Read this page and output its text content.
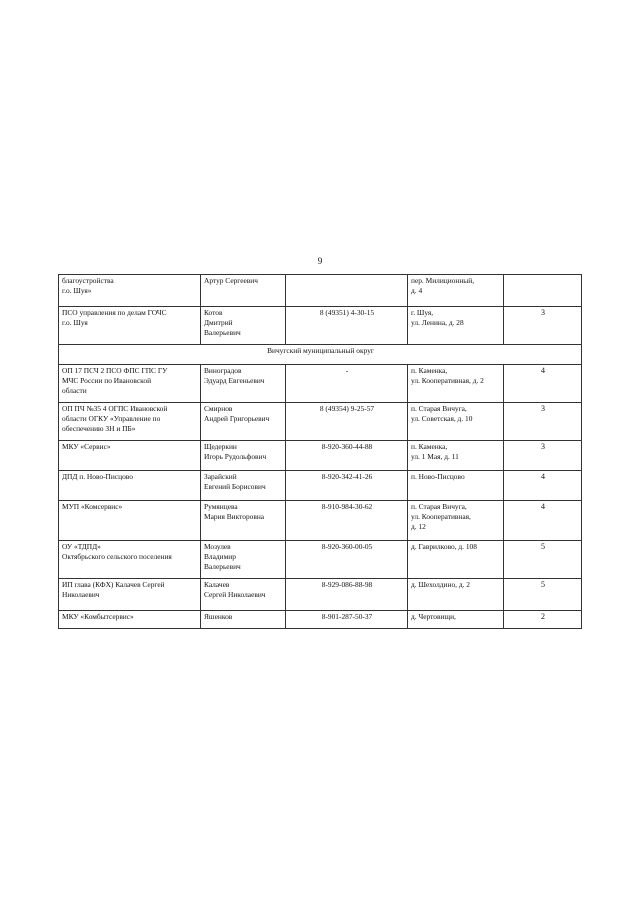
9
благоустройства
г.о. Шуя»	Артур Сергеевич		пер. Милиционный,
д. 4	

ПСО управления по делам ГОЧС
г.о. Шуя	Котов
Дмитрий
Валерьевич	8 (49351) 4-30-15	г. Шуя,
ул. Ленина, д. 28	3
Вичугский муниципальный округ				

ОП 17 ПСЧ 2 ПСО ФПС ГПС ГУ
МЧС России по Ивановской
области	Виноградов
Эдуард Евгеньевич	-	п. Каменка,
ул. Кооперативная, д. 2	4

ОП ПЧ №35 4 ОГПС Ивановской
области ОГКУ «Управление по
обеспечению ЗН и ПБ»	Смирнов
Андрей Григорьевич	8 (49354) 9-25-57	п. Старая Вичуга,
ул. Советская, д. 10	3

МКУ «Сервис»	Щедеркин
Игорь Рудольфович	8-920-360-44-88	п. Каменка,
ул. 1 Мая, д. 11	3

ДПД п. Ново-Писцово	Зарайский
Евгений Борисович	8-920-342-41-26	п. Ново-Писцово	4

МУП «Комсервис»	Румянцева
Мария Викторовна	8-910-984-30-62	п. Старая Вичуга,
ул. Кооперативная,
д. 12	4

ОУ «ТДПД»
Октябрьского сельского поселения	Мозулев
Владимир
Валерьевич	8-920-360-00-05	д. Гаврилково, д. 108	5

ИП глава (КФХ) Калачев Сергей
Николаевич	Калачев
Сергей Николаевич	8-929-086-88-98	д. Шехолдино, д. 2	5

МКУ «Комбытсервис»	Яшенков	8-901-287-50-37	д. Чертовищи,	2
